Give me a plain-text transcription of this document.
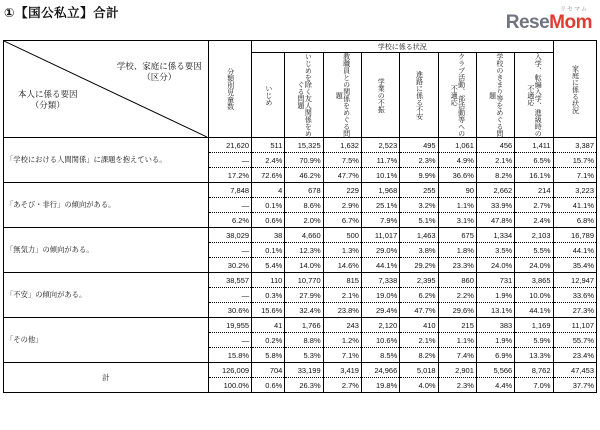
①【国公私立】合計	リセマム
ReseMom
学校、家庭に係る要因
（区分）
本人に係る要因
（分類）	分類別児童数	学校に係る状況								家庭に係る状況

		いじめ	いじめを除く友人関係をめぐる問題	教職員との関係をめぐる問題	学業の不振	進路に係る不安	クラブ活動、部活動等への不適応	学校のきまり等をめぐる問題	入学、転編入学、進級時の不適応	

「学校における人間関係」に課題を抱えている。	21,620	511	15,325	1,632	2,523	495	1,061	456	1,411	3,387
	—	2.4%	70.9%	7.5%	11.7%	2.3%	4.9%	2.1%	6.5%	15.7%
	17.2%	72.6%	46.2%	47.7%	10.1%	9.9%	36.6%	8.2%	16.1%	7.1%
「あそび・非行」の傾向がある。	7,848	4	678	229	1,968	255	90	2,662	214	3,223
	—	0.1%	8.6%	2.9%	25.1%	3.2%	1.1%	33.9%	2.7%	41.1%
	6.2%	0.6%	2.0%	6.7%	7.9%	5.1%	3.1%	47.8%	2.4%	6.8%
「無気力」の傾向がある。	38,029	38	4,660	500	11,017	1,463	675	1,334	2,103	16,789
	—	0.1%	12.3%	1.3%	29.0%	3.8%	1.8%	3.5%	5.5%	44.1%
	30.2%	5.4%	14.0%	14.6%	44.1%	29.2%	23.3%	24.0%	24.0%	35.4%
「不安」の傾向がある。	38,557	110	10,770	815	7,338	2,395	860	731	3,865	12,947
	—	0.3%	27.9%	2.1%	19.0%	6.2%	2.2%	1.9%	10.0%	33.6%
	30.6%	15.6%	32.4%	23.8%	29.4%	47.7%	29.6%	13.1%	44.1%	27.3%
「その他」	19,955	41	1,766	243	2,120	410	215	383	1,169	11,107
	—	0.2%	8.8%	1.2%	10.6%	2.1%	1.1%	1.9%	5.9%	55.7%
	15.8%	5.8%	5.3%	7.1%	8.5%	8.2%	7.4%	6.9%	13.3%	23.4%
計	126,009	704	33,199	3,419	24,966	5,018	2,901	5,566	8,762	47,453
	100.0%	0.6%	26.3%	2.7%	19.8%	4.0%	2.3%	4.4%	7.0%	37.7%
